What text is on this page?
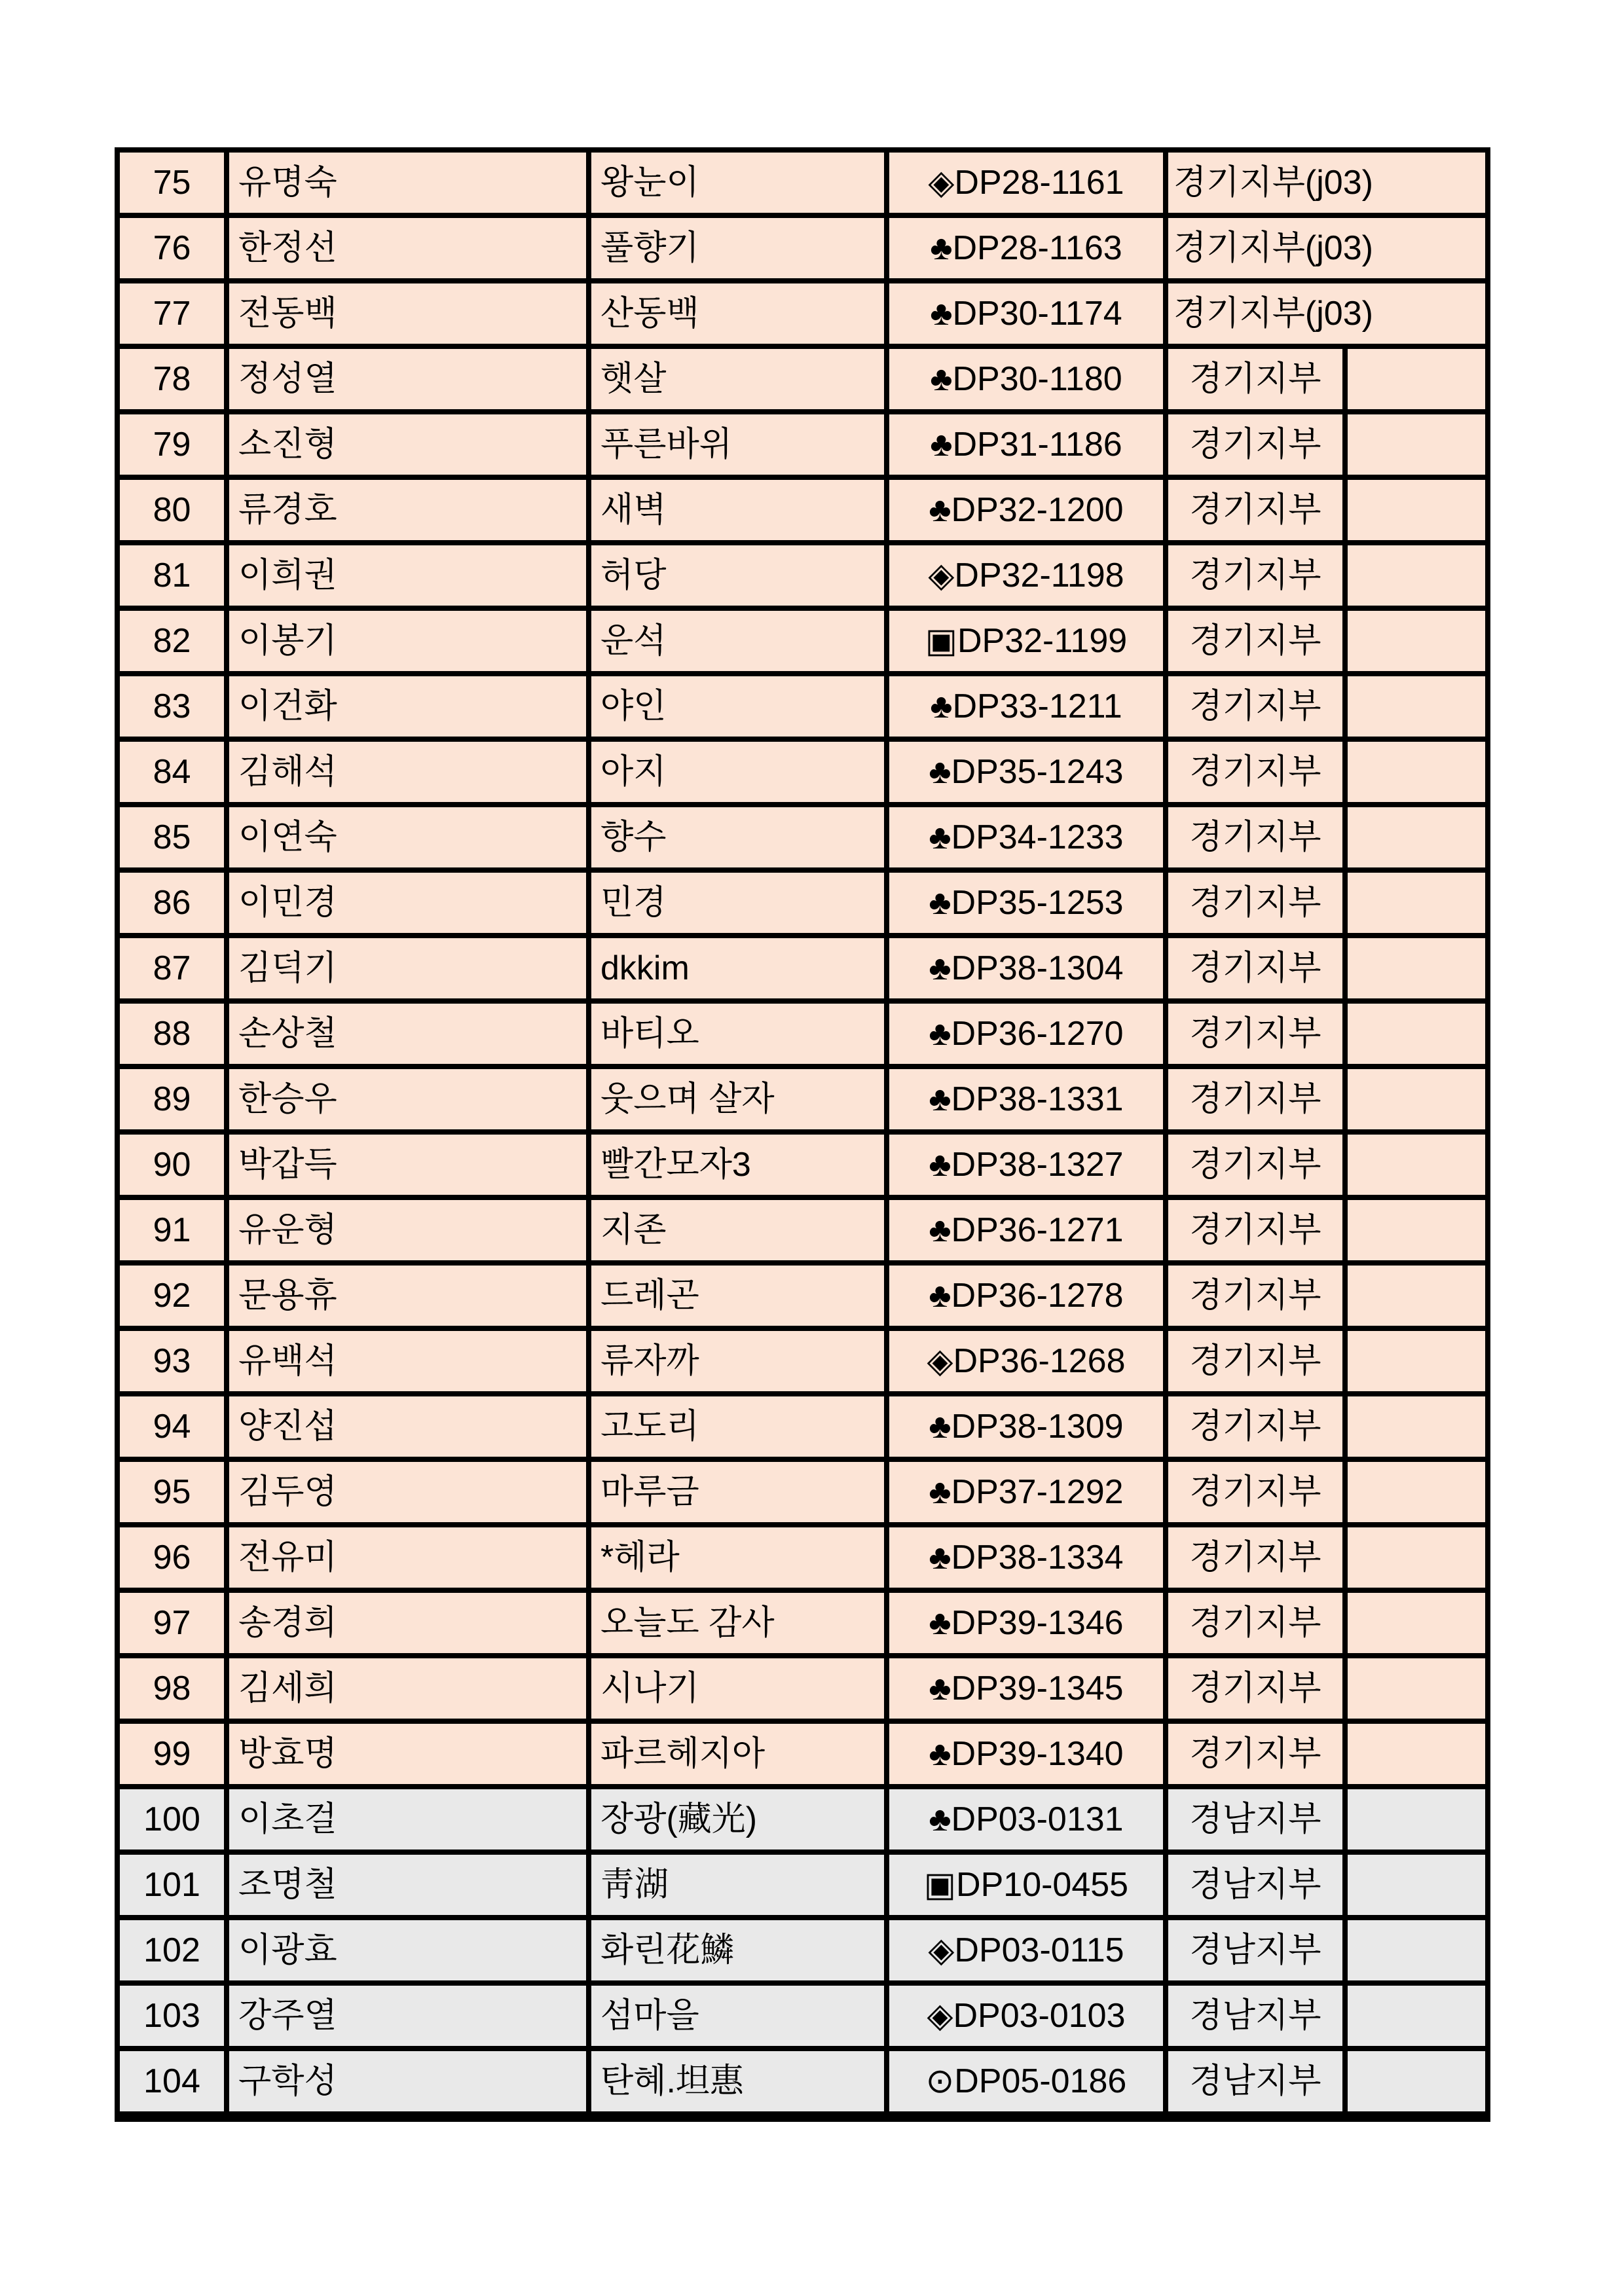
75	유명숙	왕눈이	◈DP28-1161	경기지부(j03)	
76	한정선	풀향기	♣DP28-1163	경기지부(j03)	
77	전동백	산동백	♣DP30-1174	경기지부(j03)	
78	정성열	햇살	♣DP30-1180	경기지부	
79	소진형	푸른바위	♣DP31-1186	경기지부	
80	류경호	새벽	♣DP32-1200	경기지부	
81	이희권	허당	◈DP32-1198	경기지부	
82	이봉기	운석	▣DP32-1199	경기지부	
83	이건화	야인	♣DP33-1211	경기지부	
84	김해석	아지	♣DP35-1243	경기지부	
85	이연숙	향수	♣DP34-1233	경기지부	
86	이민경	민경	♣DP35-1253	경기지부	
87	김덕기	dkkim	♣DP38-1304	경기지부	
88	손상철	바티오	♣DP36-1270	경기지부	
89	한승우	웃으며 살자	♣DP38-1331	경기지부	
90	박갑득	빨간모자3	♣DP38-1327	경기지부	
91	유운형	지존	♣DP36-1271	경기지부	
92	문용휴	드레곤	♣DP36-1278	경기지부	
93	유백석	류자까	◈DP36-1268	경기지부	
94	양진섭	고도리	♣DP38-1309	경기지부	
95	김두영	마루금	♣DP37-1292	경기지부	
96	전유미	*헤라	♣DP38-1334	경기지부	
97	송경희	오늘도 감사	♣DP39-1346	경기지부	
98	김세희	시나기	♣DP39-1345	경기지부	
99	방효명	파르헤지아	♣DP39-1340	경기지부	
100	이초걸	장광(藏光)	♣DP03-0131	경남지부	
101	조명철	靑湖	▣DP10-0455	경남지부	
102	이광효	화린花鱗	◈DP03-0115	경남지부	
103	강주열	섬마을	◈DP03-0103	경남지부	
104	구학성	탄혜.坦惠	⊙DP05-0186	경남지부	
